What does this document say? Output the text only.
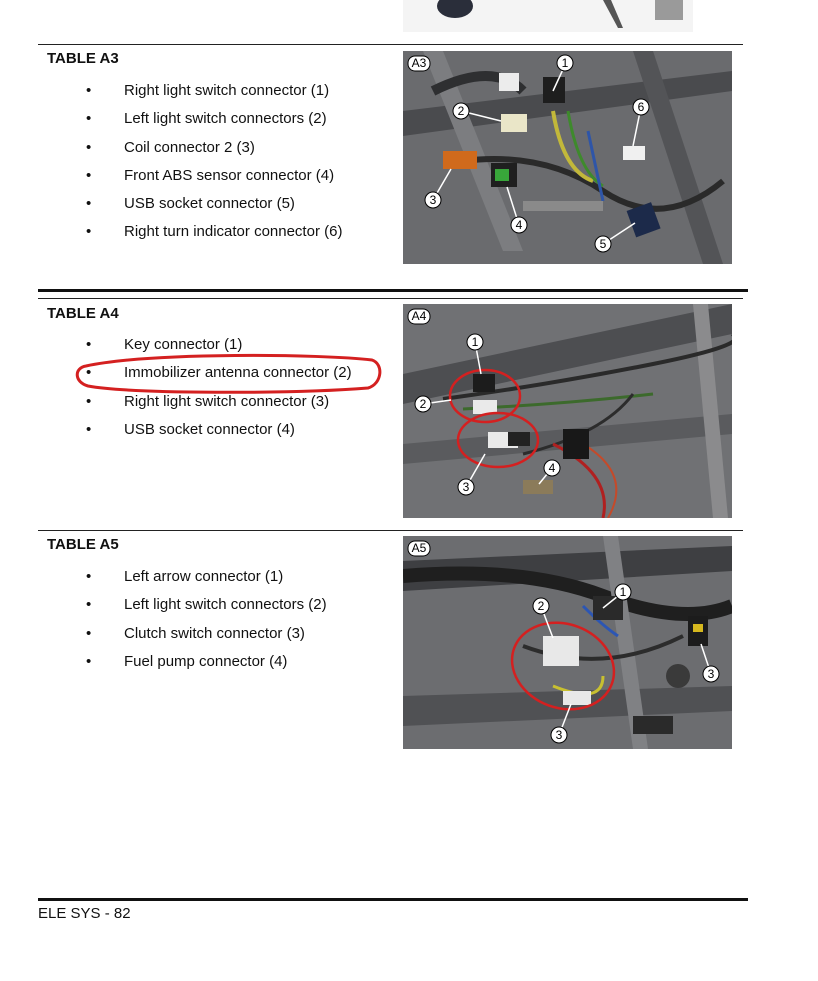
TABLE A3
• Right light switch connector (1)
• Left light switch connectors (2)
• Coil connector 2 (3)
• Front ABS sensor connector (4)
• USB socket connector (5)
• Right turn indicator connector (6)
A3	1
2
3
4
5
6
TABLE A4
• Key connector (1)
• Immobilizer antenna connector (2)
• Right light switch connector (3)
• USB socket connector (4)
A4
1
2
3
4
TABLE A5
• Left arrow connector (1)
• Left light switch connectors (2)
• Clutch switch connector (3)
• Fuel pump connector (4)
A5
1
2
3
3
ELE SYS - 82
